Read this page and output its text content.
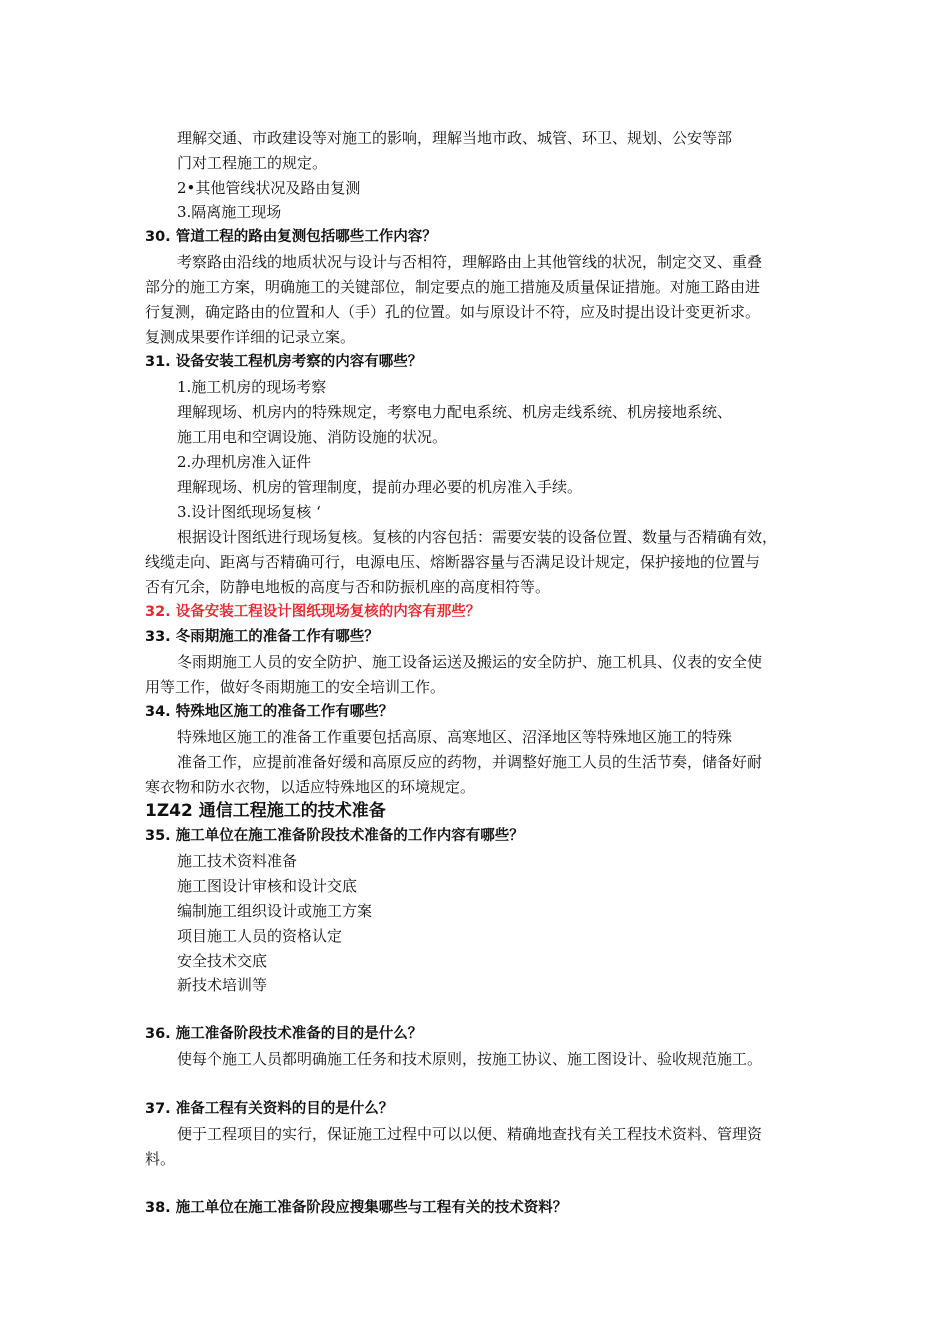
理解交通、市政建设等对施工的影响，理解当地市政、城管、环卫、规划、公安等部
门对工程施工的规定。
2•其他管线状况及路由复测
3.隔离施工现场
30. 管道工程的路由复测包括哪些工作内容？
考察路由沿线的地质状况与设计与否相符，理解路由上其他管线的状况，制定交叉、重叠
部分的施工方案，明确施工的关键部位，制定要点的施工措施及质量保证措施。对施工路由进
行复测，确定路由的位置和人（手）孔的位置。如与原设计不符，应及时提出设计变更祈求。
复测成果要作详细的记录立案。
31. 设备安装工程机房考察的内容有哪些？
1.施工机房的现场考察
理解现场、机房内的特殊规定，考察电力配电系统、机房走线系统、机房接地系统、
施工用电和空调设施、消防设施的状况。
2.办理机房准入证件
理解现场、机房的管理制度，提前办理必要的机房准入手续。
3.设计图纸现场复核 ‘
根据设计图纸进行现场复核。复核的内容包括：需要安装的设备位置、数量与否精确有效，
线缆走向、距离与否精确可行，电源电压、熔断器容量与否满足设计规定，保护接地的位置与
否有冗余，防静电地板的高度与否和防振机座的高度相符等。
32. 设备安装工程设计图纸现场复核的内容有那些？
33. 冬雨期施工的准备工作有哪些？
冬雨期施工人员的安全防护、施工设备运送及搬运的安全防护、施工机具、仪表的安全使
用等工作，做好冬雨期施工的安全培训工作。
34. 特殊地区施工的准备工作有哪些？
特殊地区施工的准备工作重要包括高原、高寒地区、沼泽地区等特殊地区施工的特殊
准备工作，应提前准备好缓和高原反应的药物，并调整好施工人员的生活节奏，储备好耐
寒衣物和防水衣物，以适应特殊地区的环境规定。
1Z42 通信工程施工的技术准备
35. 施工单位在施工准备阶段技术准备的工作内容有哪些？
施工技术资料准备
施工图设计审核和设计交底
编制施工组织设计或施工方案
项目施工人员的资格认定
安全技术交底
新技术培训等
36. 施工准备阶段技术准备的目的是什么？
使每个施工人员都明确施工任务和技术原则，按施工协议、施工图设计、验收规范施工。
37. 准备工程有关资料的目的是什么？
便于工程项目的实行，保证施工过程中可以以便、精确地查找有关工程技术资料、管理资
料。
38. 施工单位在施工准备阶段应搜集哪些与工程有关的技术资料？
